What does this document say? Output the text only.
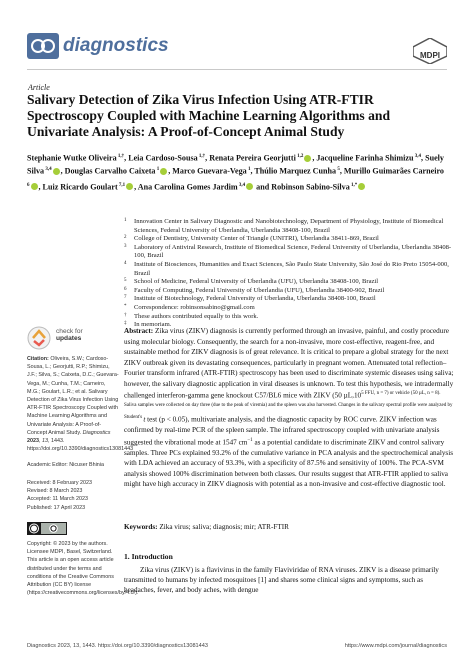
diagnostics	MDPI
Article
Salivary Detection of Zika Virus Infection Using ATR-FTIR Spectroscopy Coupled with Machine Learning Algorithms and Univariate Analysis: A Proof-of-Concept Animal Study
Stephanie Wutke Oliveira $^{1,\dagger}$, Leia Cardoso-Sousa $^{1,\dagger}$, Renata Pereira Georjutti $^{1,2}$ , Jacqueline Farinha Shimizu $^{3,4}$, Suely Silva $^{3,4}$ , Douglas Carvalho Caixeta $^1$ , Marco Guevara-Vega $^1$, Thúlio Marquez Cunha $^5$, Murillo Guimarães Carneiro $^6$ , Luiz Ricardo Goulart $^{7,1}$ , Ana Carolina Gomes Jardim $^{3,4}$ and Robinson Sabino-Silva $^{1,*}$
1 Innovation Center in Salivary Diagnostic and Nanobiotechnology, Department of Physiology, Institute of Biomedical Sciences, Federal University of Uberlandia, Uberlandia 38408-100, Brazil
2 College of Dentistry, University Center of Triangle (UNITRI), Uberlandia 38411-869, Brazil
3 Laboratory of Antiviral Research, Institute of Biomedical Science, Federal University of Uberlandia, Uberlandia 38408-100, Brazil
4 Institute of Biosciences, Humanities and Exact Sciences, São Paulo State University, São José do Rio Preto 15054-000, Brazil
5 School of Medicine, Federal University of Uberlandia (UFU), Uberlandia 38408-100, Brazil
6 Faculty of Computing, Federal University of Uberlandia (UFU), Uberlandia 38400-902, Brazil
7 Institute of Biotechnology, Federal University of Uberlandia, Uberlandia 38408-100, Brazil
* Correspondence: robinsonsabino@gmail.com
† These authors contributed equally to this work.
‡ In memoriam.
check for
updates
Citation: Oliveira, S.W.; Cardoso-Sousa, L.; Georjutti, R.P.; Shimizu, J.F.; Silva, S.; Caixeta, D.C.; Guevara-Vega, M.; Cunha, T.M.; Carneiro, M.G.; Goulart, L.R.; et al. Salivary Detection of Zika Virus Infection Using ATR-FTIR Spectroscopy Coupled with Machine Learning Algorithms and Univariate Analysis: A Proof-of-Concept Animal Study. Diagnostics 2023, 13, 1443. https://doi.org/10.3390/diagnostics13081443
Academic Editor: Nicuser Bhinia
Received: 8 February 2023
Revised: 8 March 2023
Accepted: 11 March 2023
Published: 17 April 2023
Copyright: © 2023 by the authors. Licensee MDPI, Basel, Switzerland. This article is an open access article distributed under the terms and conditions of the Creative Commons Attribution (CC BY) license (https://creativecommons.org/licenses/by/4.0/).
Abstract: Zika virus (ZIKV) diagnosis is currently performed through an invasive, painful, and costly procedure using molecular biology. Consequently, the search for a non-invasive, more cost-effective, reagent-free, and sustainable method for ZIKV diagnosis is of great relevance. It is critical to prepare a global strategy for the next ZIKV outbreak given its devastating consequences, particularly in pregnant women. Attenuated total reflection–Fourier transform infrared (ATR-FTIR) spectroscopy has been used to discriminate systemic diseases using saliva; however, the salivary diagnostic application in viral diseases is unknown. To test this hypothesis, we intradermally challenged interferon-gamma gene knockout C57/BL6 mice with ZIKV (50 $\mu L,10^{5 FFU, n = 7) or vehicle (50 \mu L, n = 8). Saliva samples were collected on day three (due to the peak of viremia) and the spleen was also harvested. Changes in the salivary spectral profile were analyzed by Student's}$ t test (p < 0.05), multivariate analysis, and the diagnostic capacity by ROC curve. ZIKV infection was confirmed by real-time PCR of the spleen sample. The infrared spectroscopy coupled with univariate analysis suggested the vibrational mode at 1547 $cm^{-1}$ as a potential candidate to discriminate ZIKV and control salivary samples. Three PCs explained 93.2% of the cumulative variance in PCA analysis and the spectrochemical analysis with LDA achieved an accuracy of 93.3%, with a specificity of 87.5% and sensitivity of 100%. The PCA-SVM analysis showed 100% discrimination between both classes. Our results suggest that ATR-FTIR applied to saliva might have high accuracy in ZIKV diagnosis with potential as a non-invasive and cost-effective diagnostic tool.
Keywords: Zika virus; saliva; diagnosis; mir; ATR-FTIR
1. Introduction
Zika virus (ZIKV) is a flavivirus in the family Flaviviridae of RNA viruses. ZIKV is a disease primarily transmitted to humans by infected mosquitoes [1] and shares some clinical signs and symptoms, such as headaches, fever, and body aches, with dengue
Diagnostics 2023, 13, 1443. https://doi.org/10.3390/diagnostics13081443	https://www.mdpi.com/journal/diagnostics
